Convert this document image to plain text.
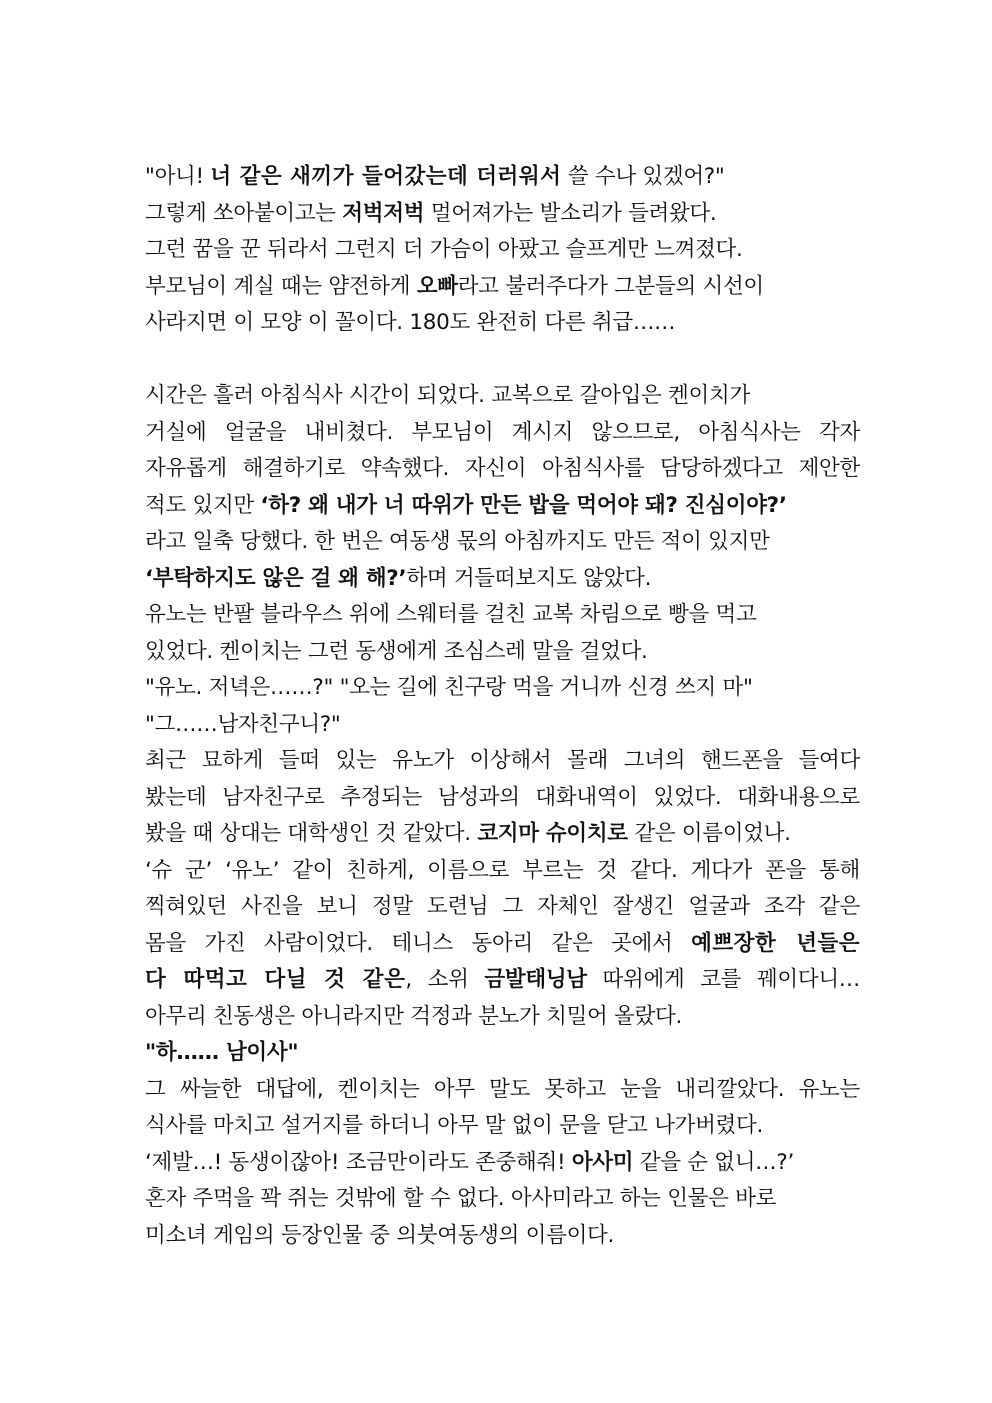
"아니! 너 같은 새끼가 들어갔는데 더러워서 쓸 수나 있겠어?"
그렇게 쏘아붙이고는 저벅저벅 멀어져가는 발소리가 들려왔다.
그런 꿈을 꾼 뒤라서 그런지 더 가슴이 아팠고 슬프게만 느껴졌다.
부모님이 계실 때는 얌전하게 오빠라고 불러주다가 그분들의 시선이
사라지면 이 모양 이 꼴이다. 180도 완전히 다른 취급……
시간은 흘러 아침식사 시간이 되었다. 교복으로 갈아입은 켄이치가
거실에 얼굴을 내비쳤다. 부모님이 계시지 않으므로, 아침식사는 각자
자유롭게 해결하기로 약속했다. 자신이 아침식사를 담당하겠다고 제안한
적도 있지만 ‘하? 왜 내가 너 따위가 만든 밥을 먹어야 돼? 진심이야?’
라고 일축 당했다. 한 번은 여동생 몫의 아침까지도 만든 적이 있지만
‘부탁하지도 않은 걸 왜 해?’하며 거들떠보지도 않았다.
유노는 반팔 블라우스 위에 스웨터를 걸친 교복 차림으로 빵을 먹고
있었다. 켄이치는 그런 동생에게 조심스레 말을 걸었다.
"유노. 저녁은……?" "오는 길에 친구랑 먹을 거니까 신경 쓰지 마"
"그……남자친구니?"
최근 묘하게 들떠 있는 유노가 이상해서 몰래 그녀의 핸드폰을 들여다
봤는데 남자친구로 추정되는 남성과의 대화내역이 있었다. 대화내용으로
봤을 때 상대는 대학생인 것 같았다. 코지마 슈이치로 같은 이름이었나.
‘슈 군’ ‘유노’ 같이 친하게, 이름으로 부르는 것 같다. 게다가 폰을 통해
찍혀있던 사진을 보니 정말 도련님 그 자체인 잘생긴 얼굴과 조각 같은
몸을 가진 사람이었다. 테니스 동아리 같은 곳에서 예쁘장한 년들은
다 따먹고 다닐 것 같은, 소위 금발태닝남 따위에게 코를 꿰이다니…
아무리 친동생은 아니라지만 걱정과 분노가 치밀어 올랐다.
"하…… 남이사"
그 싸늘한 대답에, 켄이치는 아무 말도 못하고 눈을 내리깔았다. 유노는
식사를 마치고 설거지를 하더니 아무 말 없이 문을 닫고 나가버렸다.
‘제발…! 동생이잖아! 조금만이라도 존중해줘! 아사미 같을 순 없니…?’
혼자 주먹을 꽉 쥐는 것밖에 할 수 없다. 아사미라고 하는 인물은 바로
미소녀 게임의 등장인물 중 의붓여동생의 이름이다.
